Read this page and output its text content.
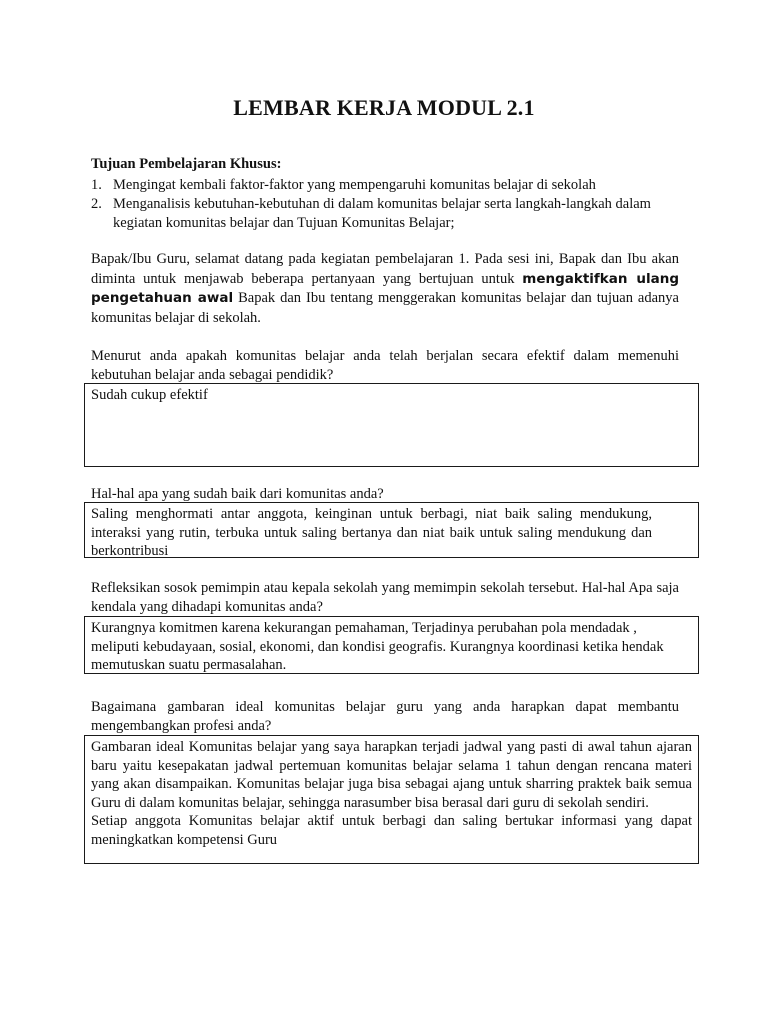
LEMBAR KERJA MODUL 2.1
Tujuan Pembelajaran Khusus:
1. Mengingat kembali faktor-faktor yang mempengaruhi komunitas belajar di sekolah
2. Menganalisis kebutuhan-kebutuhan di dalam komunitas belajar serta langkah-langkah dalam kegiatan komunitas belajar dan Tujuan Komunitas Belajar;

Bapak/Ibu Guru, selamat datang pada kegiatan pembelajaran 1. Pada sesi ini, Bapak dan Ibu akan diminta untuk menjawab beberapa pertanyaan yang bertujuan untuk mengaktifkan ulang pengetahuan awal Bapak dan Ibu tentang menggerakan komunitas belajar dan tujuan adanya komunitas belajar di sekolah.

Menurut anda apakah komunitas belajar anda telah berjalan secara efektif dalam memenuhi kebutuhan belajar anda sebagai pendidik?

Sudah cukup efektif

Hal-hal apa yang sudah baik dari komunitas anda?

Saling menghormati antar anggota, keinginan untuk berbagi, niat baik saling mendukung, interaksi yang rutin, terbuka untuk saling bertanya dan niat baik untuk saling mendukung dan berkontribusi

Refleksikan sosok pemimpin atau kepala sekolah yang memimpin sekolah tersebut. Hal-hal Apa saja kendala yang dihadapi komunitas anda?

Kurangnya komitmen karena kekurangan pemahaman, Terjadinya perubahan pola mendadak , meliputi kebudayaan, sosial, ekonomi, dan kondisi geografis. Kurangnya koordinasi ketika hendak memutuskan suatu permasalahan.

Bagaimana gambaran ideal komunitas belajar guru yang anda harapkan dapat membantu mengembangkan profesi anda?

Gambaran ideal Komunitas belajar yang saya harapkan terjadi jadwal yang pasti di awal tahun ajaran baru yaitu kesepakatan jadwal pertemuan komunitas belajar selama 1 tahun dengan rencana materi yang akan disampaikan. Komunitas belajar juga bisa sebagai ajang untuk sharring praktek baik semua Guru di dalam komunitas belajar, sehingga narasumber bisa berasal dari guru di sekolah sendiri.

Setiap anggota Komunitas belajar aktif untuk berbagi dan saling bertukar informasi yang dapat meningkatkan kompetensi Guru
